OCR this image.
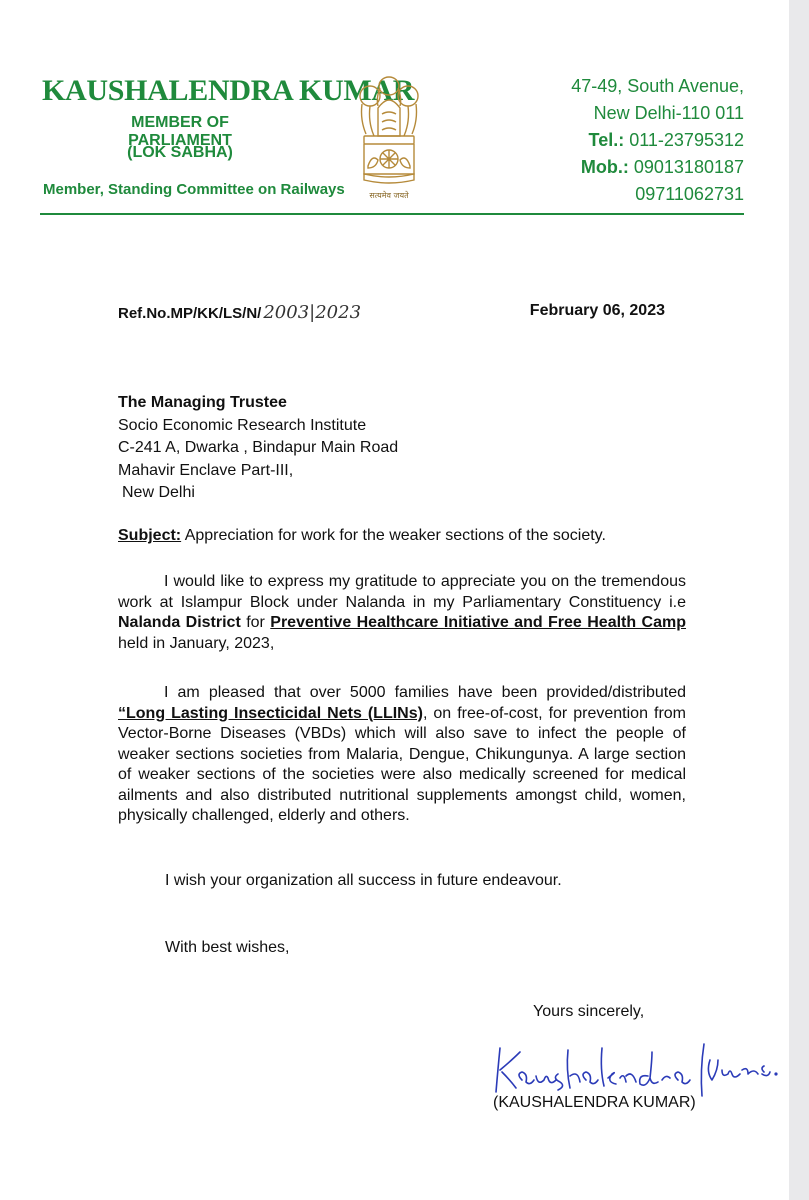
KAUSHALENDRA KUMAR
MEMBER OF PARLIAMENT
(LOK SABHA)
Member, Standing Committee on Railways	सत्यमेव जयते
47-49, South Avenue,
New Delhi-110 011
Tel.: 011-23795312
Mob.: 09013180187
09711062731
Ref.No.MP/KK/LS/N/ 2003|2023	February 06, 2023
The Managing Trustee
Socio Economic Research Institute
C-241 A, Dwarka , Bindapur Main Road
Mahavir Enclave Part-III,
New Delhi
Subject: Appreciation for work for the weaker sections of the society.
I would like to express my gratitude to appreciate you on the tremendous work at Islampur Block under Nalanda in my Parliamentary Constituency i.e Nalanda District for Preventive Healthcare Initiative and Free Health Camp held in January, 2023,
I am pleased that over 5000 families have been provided/distributed “Long Lasting Insecticidal Nets (LLINs), on free-of-cost, for prevention from Vector-Borne Diseases (VBDs) which will also save to infect the people of weaker sections societies from Malaria, Dengue, Chikungunya. A large section of weaker sections of the societies were also medically screened for medical ailments and also distributed nutritional supplements amongst child, women, physically challenged, elderly and others.
I wish your organization all success in future endeavour.
With best wishes,
Yours sincerely,
(KAUSHALENDRA KUMAR)
